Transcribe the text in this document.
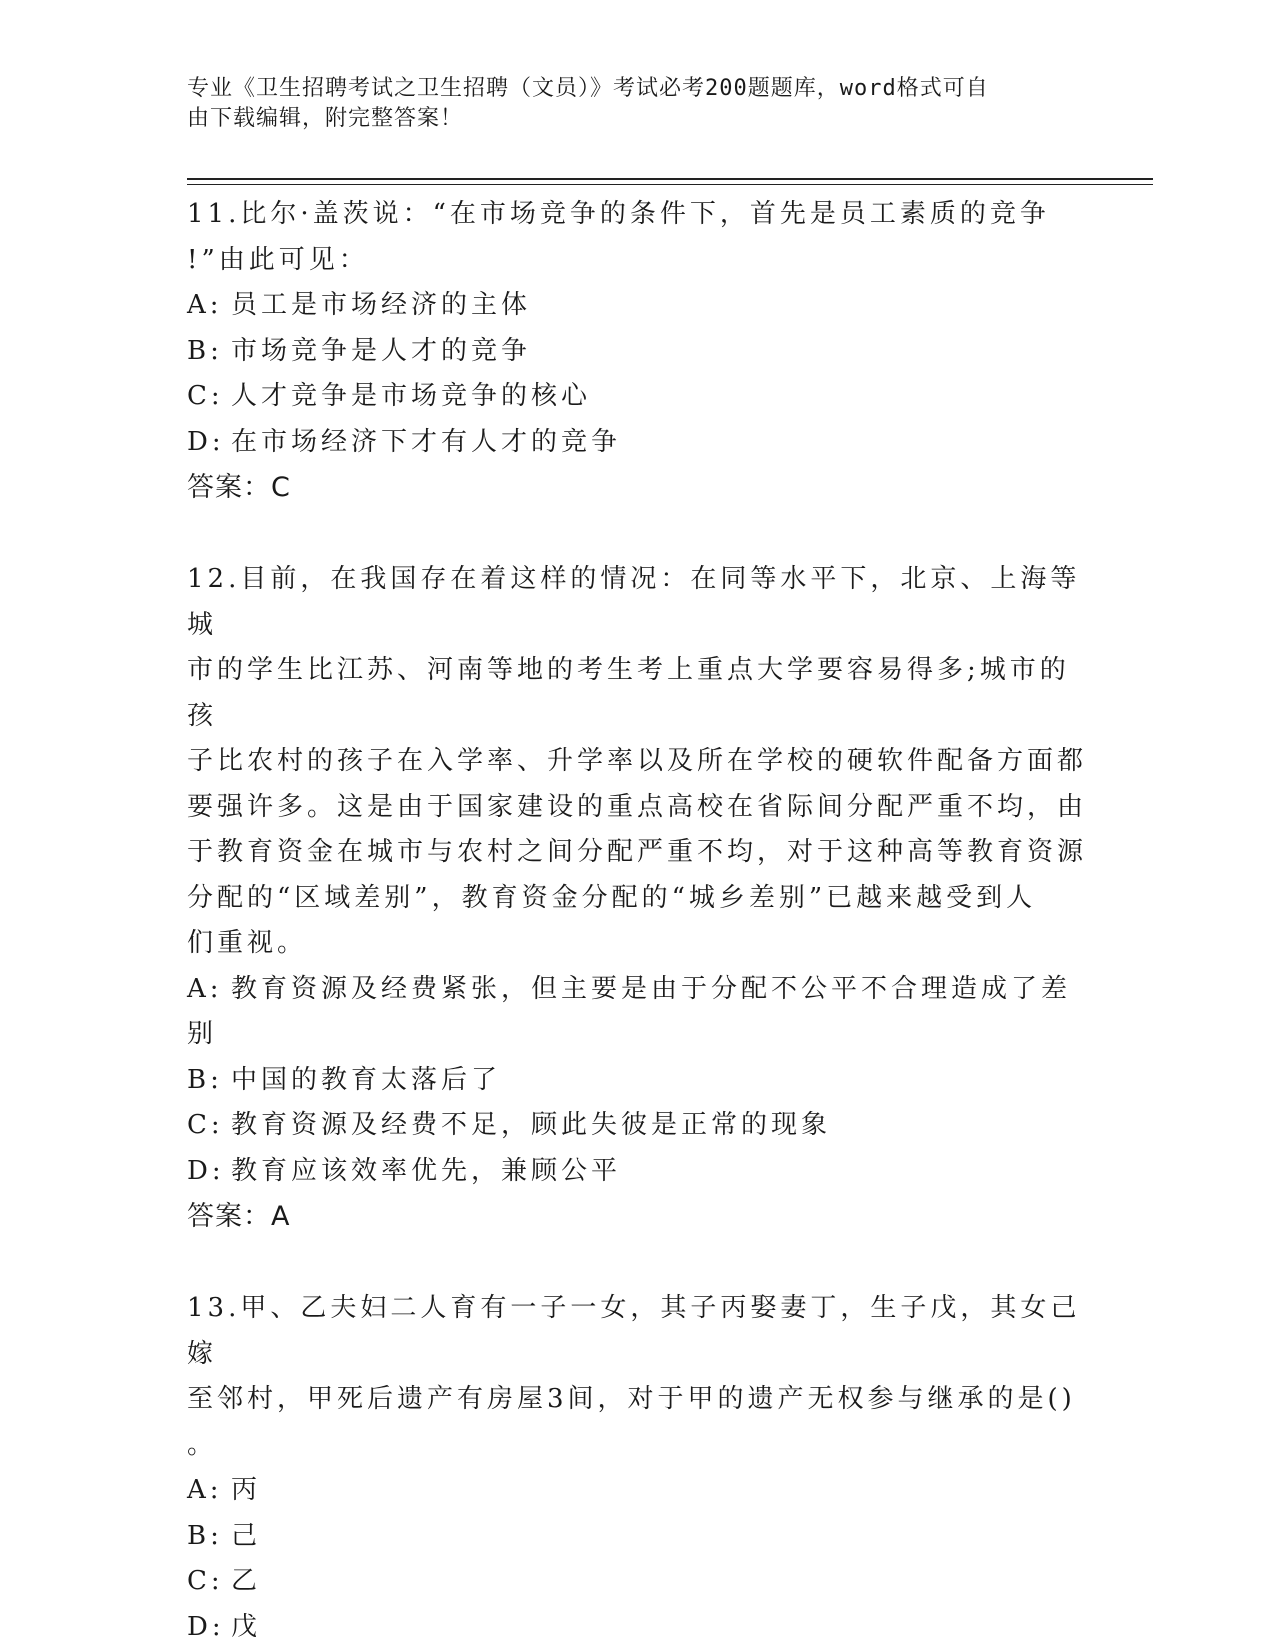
专业《卫生招聘考试之卫生招聘（文员）》考试必考200题题库，word格式可自
由下载编辑，附完整答案！
11.比尔·盖茨说：“在市场竞争的条件下，首先是员工素质的竞争
!”由此可见：
A: 员工是市场经济的主体
B: 市场竞争是人才的竞争
C: 人才竞争是市场竞争的核心
D: 在市场经济下才有人才的竞争
答案：C
12.目前，在我国存在着这样的情况：在同等水平下，北京、上海等城
市的学生比江苏、河南等地的考生考上重点大学要容易得多;城市的孩
子比农村的孩子在入学率、升学率以及所在学校的硬软件配备方面都
要强许多。这是由于国家建设的重点高校在省际间分配严重不均，由
于教育资金在城市与农村之间分配严重不均，对于这种高等教育资源
分配的“区域差别”，教育资金分配的“城乡差别”已越来越受到人
们重视。
A: 教育资源及经费紧张，但主要是由于分配不公平不合理造成了差别
B: 中国的教育太落后了
C: 教育资源及经费不足，顾此失彼是正常的现象
D: 教育应该效率优先，兼顾公平
答案：A
13.甲、乙夫妇二人育有一子一女，其子丙娶妻丁，生子戊，其女己嫁
至邻村，甲死后遗产有房屋3间，对于甲的遗产无权参与继承的是()
。
A: 丙
B: 己
C: 乙
D: 戊
